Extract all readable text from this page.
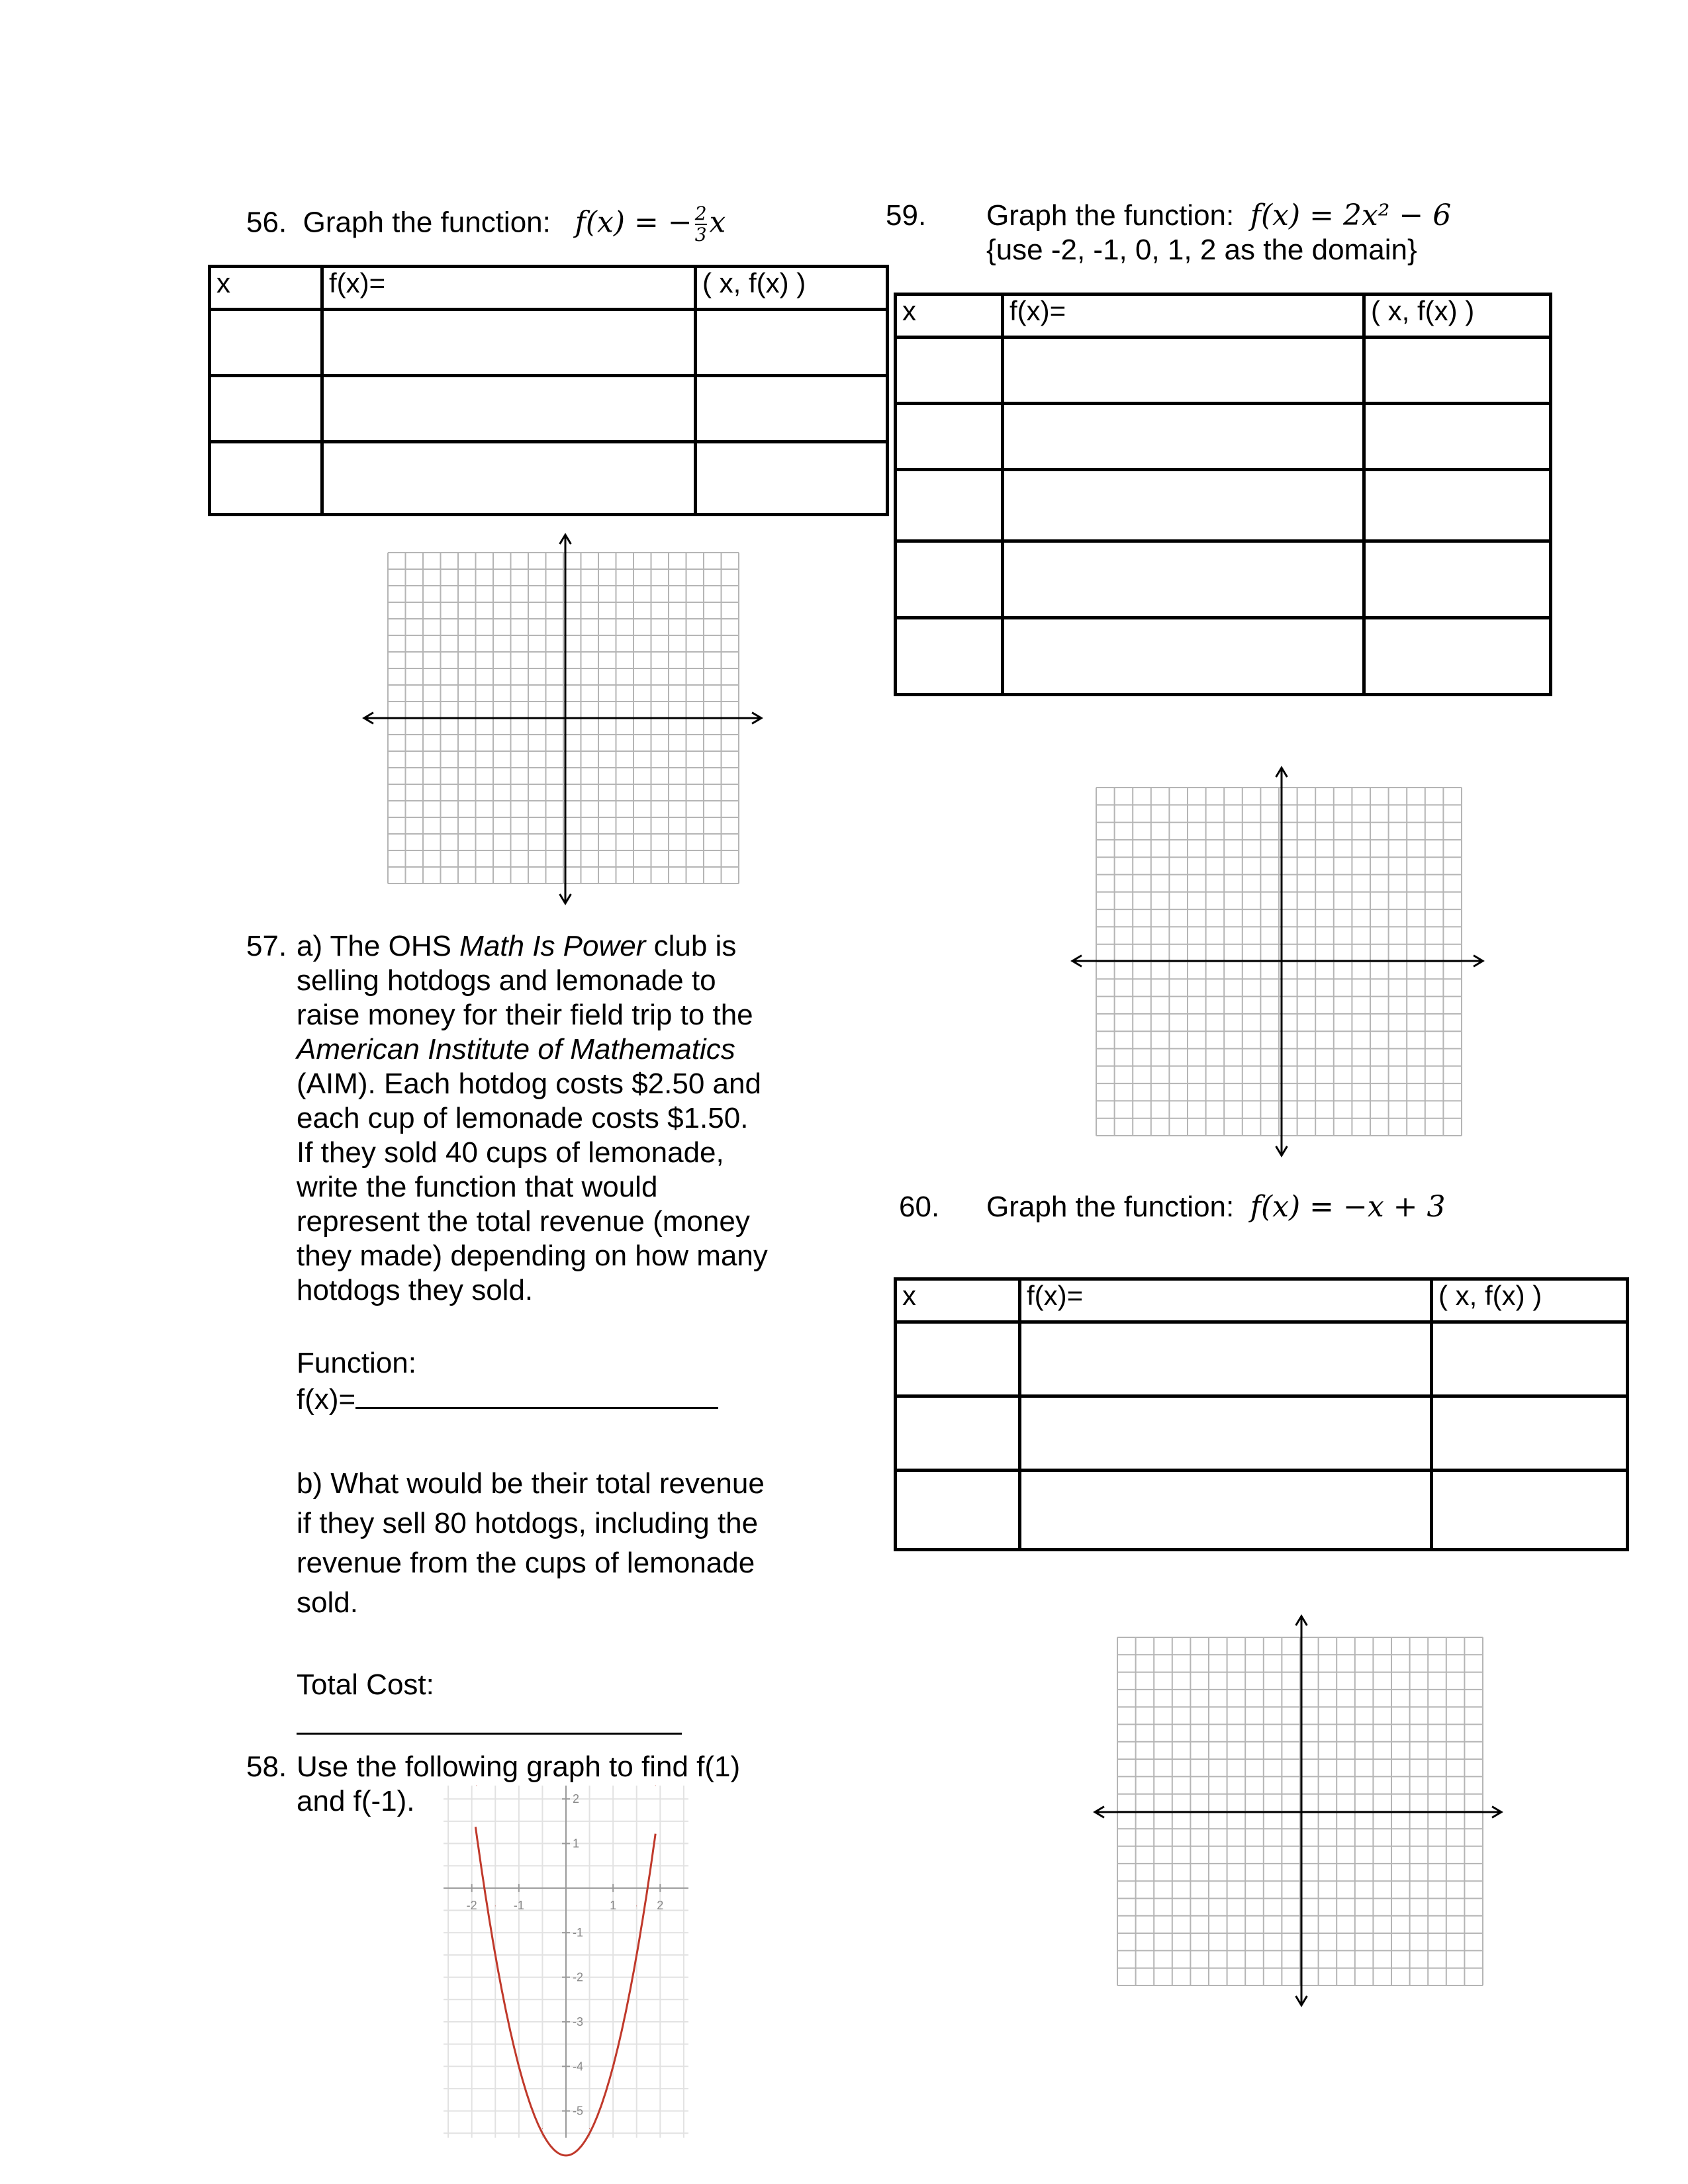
56. Graph the function: f(x) = − $\frac{2}{3}$ x
x	f(x)=	( x, f(x) )

57. a) The OHS Math Is Power club is
selling hotdogs and lemonade to
raise money for their field trip to the
American Institute of Mathematics
(AIM). Each hotdog costs $2.50 and
each cup of lemonade costs $1.50.
If they sold 40 cups of lemonade,
write the function that would
represent the total revenue (money
they made) depending on how many
hotdogs they sold.
Function:
f(x)=
b) What would be their total revenue
if they sell 80 hotdogs, including the
revenue from the cups of lemonade
sold.
Total Cost:
58. Use the following graph to find f(1)
and f(-1).
-2	-1	1	2
2
1
-1
-2
-3
-4
-5
59. Graph the function: f(x) = 2x² − 6
{use -2, -1, 0, 1, 2 as the domain}
x	f(x)=	( x, f(x) )

60. Graph the function: f(x) = −x + 3
x	f(x)=	( x, f(x) )
